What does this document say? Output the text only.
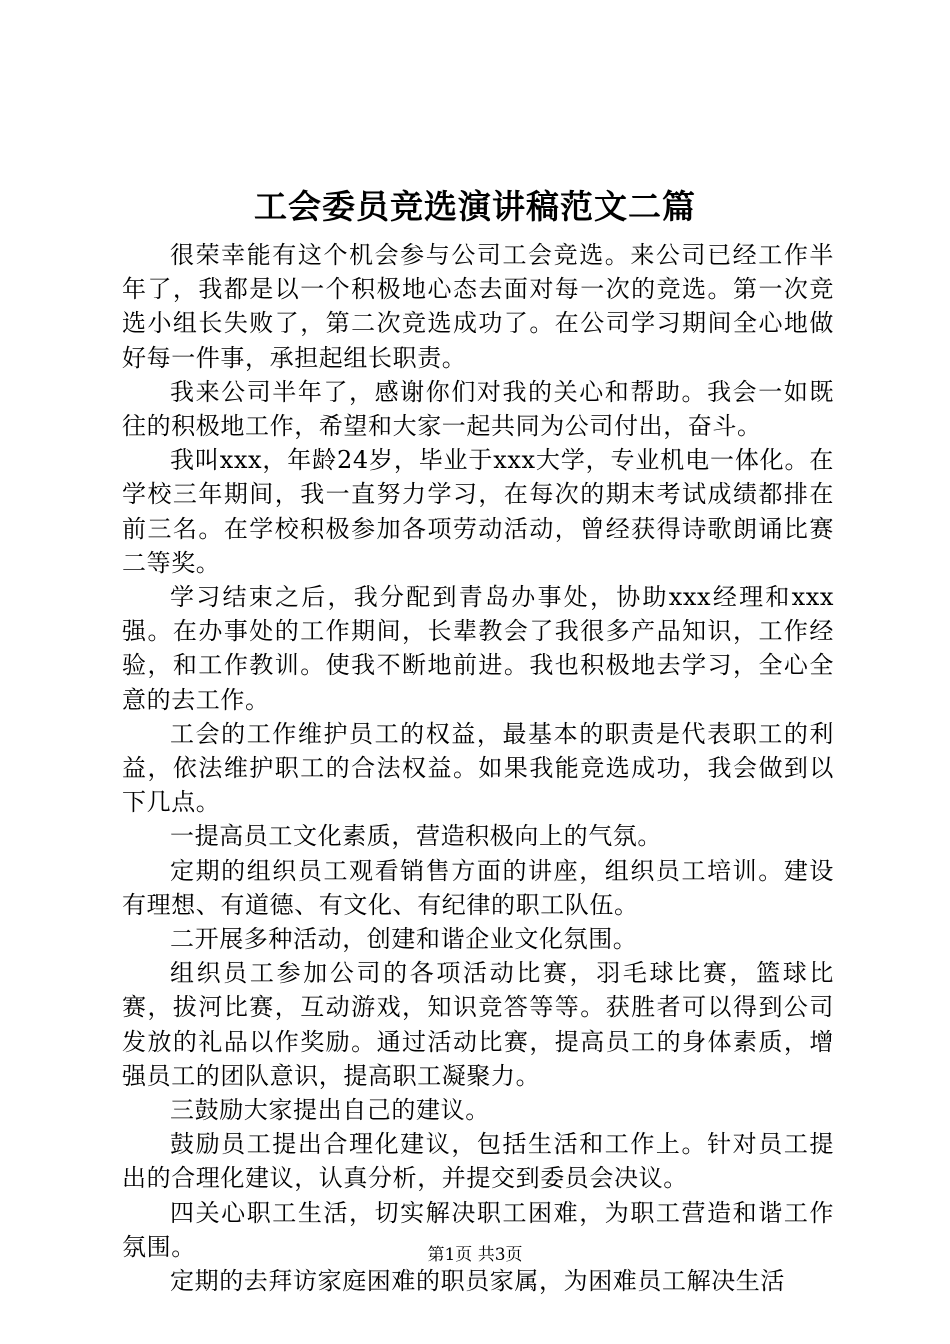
工会委员竞选演讲稿范文二篇

很荣幸能有这个机会参与公司工会竞选。来公司已经工作半年了，我都是以一个积极地心态去面对每一次的竞选。第一次竞选小组长失败了，第二次竞选成功了。在公司学习期间全心地做好每一件事，承担起组长职责。

我来公司半年了，感谢你们对我的关心和帮助。我会一如既往的积极地工作，希望和大家一起共同为公司付出，奋斗。

我叫xxx，年龄24岁，毕业于xxx大学，专业机电一体化。在学校三年期间，我一直努力学习，在每次的期末考试成绩都排在前三名。在学校积极参加各项劳动活动，曾经获得诗歌朗诵比赛二等奖。

学习结束之后，我分配到青岛办事处，协助xxx经理和xxx强。在办事处的工作期间，长辈教会了我很多产品知识，工作经验，和工作教训。使我不断地前进。我也积极地去学习，全心全意的去工作。

工会的工作维护员工的权益，最基本的职责是代表职工的利益，依法维护职工的合法权益。如果我能竞选成功，我会做到以下几点。

一提高员工文化素质，营造积极向上的气氛。

定期的组织员工观看销售方面的讲座，组织员工培训。建设有理想、有道德、有文化、有纪律的职工队伍。

二开展多种活动，创建和谐企业文化氛围。

组织员工参加公司的各项活动比赛，羽毛球比赛，篮球比赛，拔河比赛，互动游戏，知识竞答等等。获胜者可以得到公司发放的礼品以作奖励。通过活动比赛，提高员工的身体素质，增强员工的团队意识，提高职工凝聚力。

三鼓励大家提出自己的建议。

鼓励员工提出合理化建议，包括生活和工作上。针对员工提出的合理化建议，认真分析，并提交到委员会决议。

四关心职工生活，切实解决职工困难，为职工营造和谐工作氛围。

定期的去拜访家庭困难的职员家属，为困难员工解决生活

第1页 共3页
